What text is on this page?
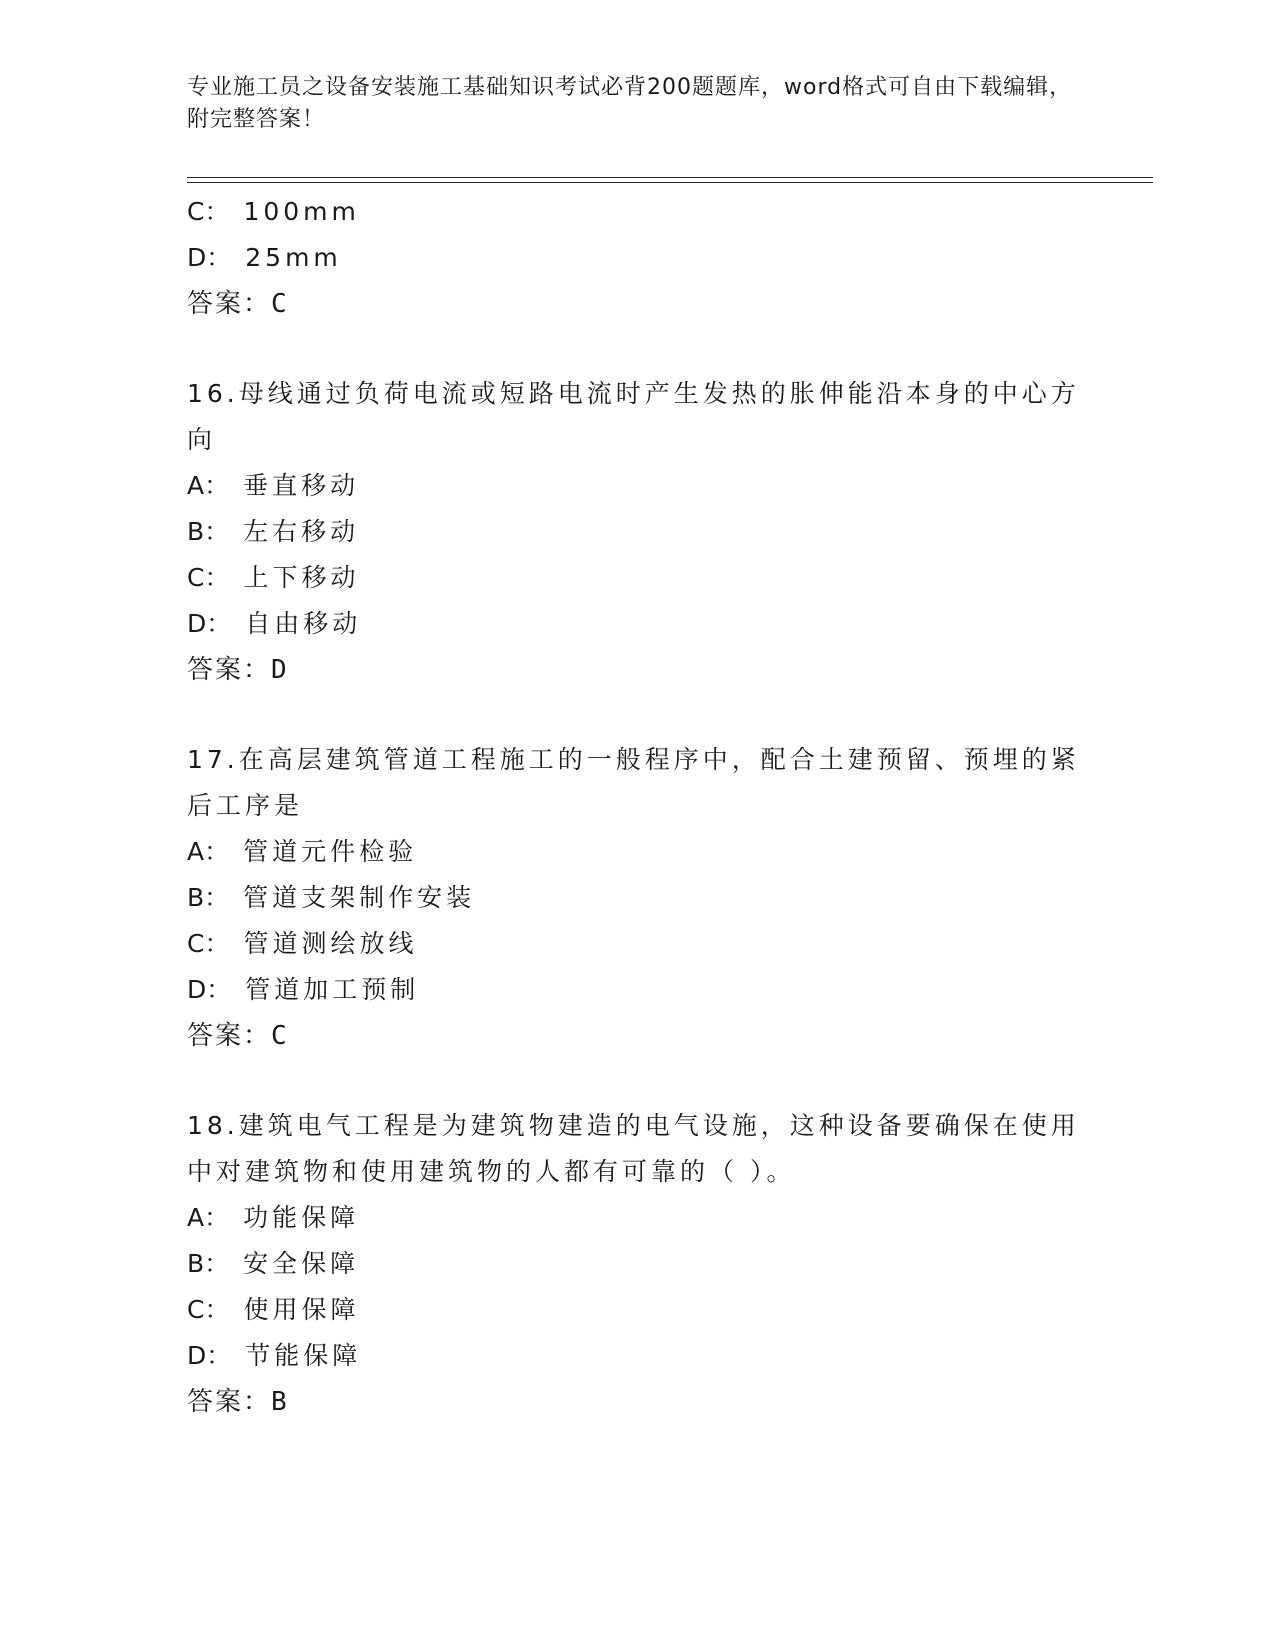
专业施工员之设备安装施工基础知识考试必背200题题库，word格式可自由下载编辑，附完整答案！
C： 100mm
D： 25mm
答案：C
16.母线通过负荷电流或短路电流时产生发热的胀伸能沿本身的中心方向
A： 垂直移动
B： 左右移动
C： 上下移动
D： 自由移动
答案：D
17.在高层建筑管道工程施工的一般程序中，配合土建预留、预埋的紧后工序是
A： 管道元件检验
B： 管道支架制作安装
C： 管道测绘放线
D： 管道加工预制
答案：C
18.建筑电气工程是为建筑物建造的电气设施，这种设备要确保在使用中对建筑物和使用建筑物的人都有可靠的（ ）。
A： 功能保障
B： 安全保障
C： 使用保障
D： 节能保障
答案：B
